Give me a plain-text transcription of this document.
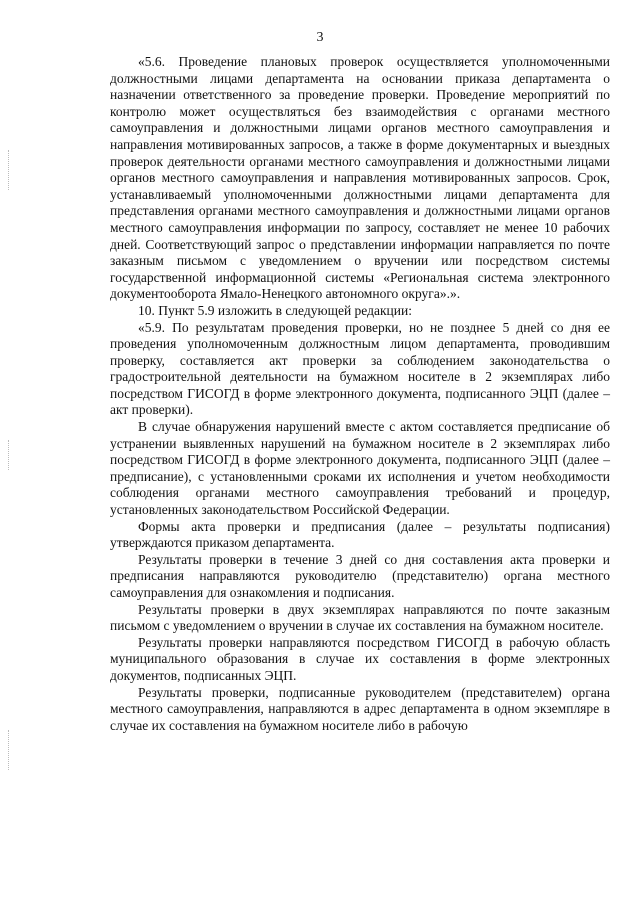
3

«5.6. Проведение плановых проверок осуществляется уполномоченными должностными лицами департамента на основании приказа департамента о назначении ответственного за проведение проверки. Проведение мероприятий по контролю может осуществляться без взаимодействия с органами местного самоуправления и должностными лицами органов местного самоуправления и направления мотивированных запросов, а также в форме документарных и выездных проверок деятельности органами местного самоуправления и должностными лицами органов местного самоуправления и направления мотивированных запросов. Срок, устанавливаемый уполномоченными должностными лицами департамента для представления органами местного самоуправления и должностными лицами органов местного самоуправления информации по запросу, составляет не менее 10 рабочих дней. Соответствующий запрос о представлении информации направляется по почте заказным письмом с уведомлением о вручении или посредством системы государственной информационной системы «Региональная система электронного документооборота Ямало-Ненецкого автономного округа».».

10. Пункт 5.9 изложить в следующей редакции:

«5.9. По результатам проведения проверки, но не позднее 5 дней со дня ее проведения уполномоченным должностным лицом департамента, проводившим проверку, составляется акт проверки за соблюдением законодательства о градостроительной деятельности на бумажном носителе в 2 экземплярах либо посредством ГИСОГД в форме электронного документа, подписанного ЭЦП (далее – акт проверки).

В случае обнаружения нарушений вместе с актом составляется предписание об устранении выявленных нарушений на бумажном носителе в 2 экземплярах либо посредством ГИСОГД в форме электронного документа, подписанного ЭЦП (далее – предписание), с установленными сроками их исполнения и учетом необходимости соблюдения органами местного самоуправления требований и процедур, установленных законодательством Российской Федерации.

Формы акта проверки и предписания (далее – результаты подписания) утверждаются приказом департамента.

Результаты проверки в течение 3 дней со дня составления акта проверки и предписания направляются руководителю (представителю) органа местного самоуправления для ознакомления и подписания.

Результаты проверки в двух экземплярах направляются по почте заказным письмом с уведомлением о вручении в случае их составления на бумажном носителе.

Результаты проверки направляются посредством ГИСОГД в рабочую область муниципального образования в случае их составления в форме электронных документов, подписанных ЭЦП.

Результаты проверки, подписанные руководителем (представителем) органа местного самоуправления, направляются в адрес департамента в одном экземпляре в случае их составления на бумажном носителе либо в рабочую
